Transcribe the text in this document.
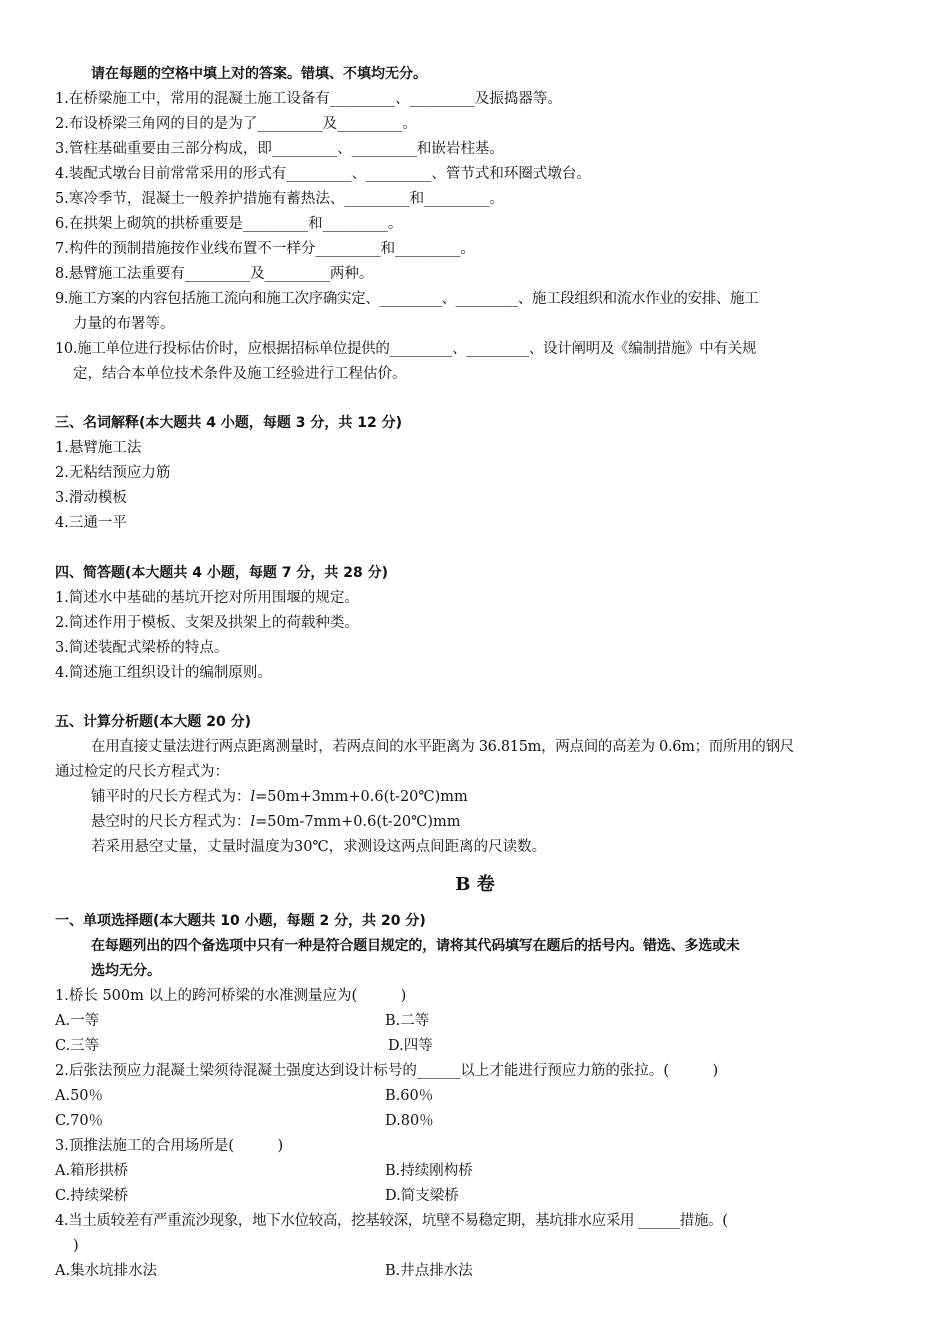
请在每题的空格中填上对的答案。错填、不填均无分。
1.在桥梁施工中，常用的混凝土施工设备有_________、_________及振捣器等。
2.布设桥梁三角网的目的是为了_________及_________。
3.管柱基础重要由三部分构成，即_________、_________和嵌岩柱基。
4.装配式墩台目前常常采用的形式有_________、_________、管节式和环圈式墩台。
5.寒冷季节，混凝土一般养护措施有蓄热法、_________和_________。
6.在拱架上砌筑的拱桥重要是_________和_________。
7.构件的预制措施按作业线布置不一样分_________和_________。
8.悬臂施工法重要有_________及_________两种。
9.施工方案的内容包括施工流向和施工次序确实定、_________、_________、施工段组织和流水作业的安排、施工
力量的布署等。
10.施工单位进行投标估价时，应根据招标单位提供的_________、_________、设计阐明及《编制措施》中有关规
定，结合本单位技术条件及施工经验进行工程估价。
三、名词解释(本大题共 4 小题，每题 3 分，共 12 分)
1.悬臂施工法
2.无粘结预应力筋
3.滑动模板
4.三通一平
四、简答题(本大题共 4 小题，每题 7 分，共 28 分)
1.简述水中基础的基坑开挖对所用围堰的规定。
2.简述作用于模板、支架及拱架上的荷载种类。
3.简述装配式梁桥的特点。
4.简述施工组织设计的编制原则。
五、计算分析题(本大题 20 分)
在用直接丈量法进行两点距离测量时，若两点间的水平距离为 36.815m，两点间的高差为 0.6m；而所用的钢尺
通过检定的尺长方程式为：
铺平时的尺长方程式为：l=50m+3mm+0.6(t-20℃)mm
悬空时的尺长方程式为：l=50m-7mm+0.6(t-20℃)mm
若采用悬空丈量，丈量时温度为30℃，求测设这两点间距离的尺读数。
B 卷
一、单项选择题(本大题共 10 小题，每题 2 分，共 20 分)
在每题列出的四个备选项中只有一种是符合题目规定的，请将其代码填写在题后的括号内。错选、多选或未
选均无分。
1.桥长 500m 以上的跨河桥梁的水准测量应为(　　　)
A.一等	B.二等
C.三等	D.四等
2.后张法预应力混凝土梁须待混凝土强度达到设计标号的______以上才能进行预应力筋的张拉。(　　　)
A.50％	B.60％
C.70％	D.80％
3.顶推法施工的合用场所是(　　　)
A.箱形拱桥	B.持续刚构桥
C.持续梁桥	D.简支梁桥
4.当土质较差有严重流沙现象，地下水位较高，挖基较深，坑壁不易稳定期，基坑排水应采用 ______措施。(
)
A.集水坑排水法	B.井点排水法
